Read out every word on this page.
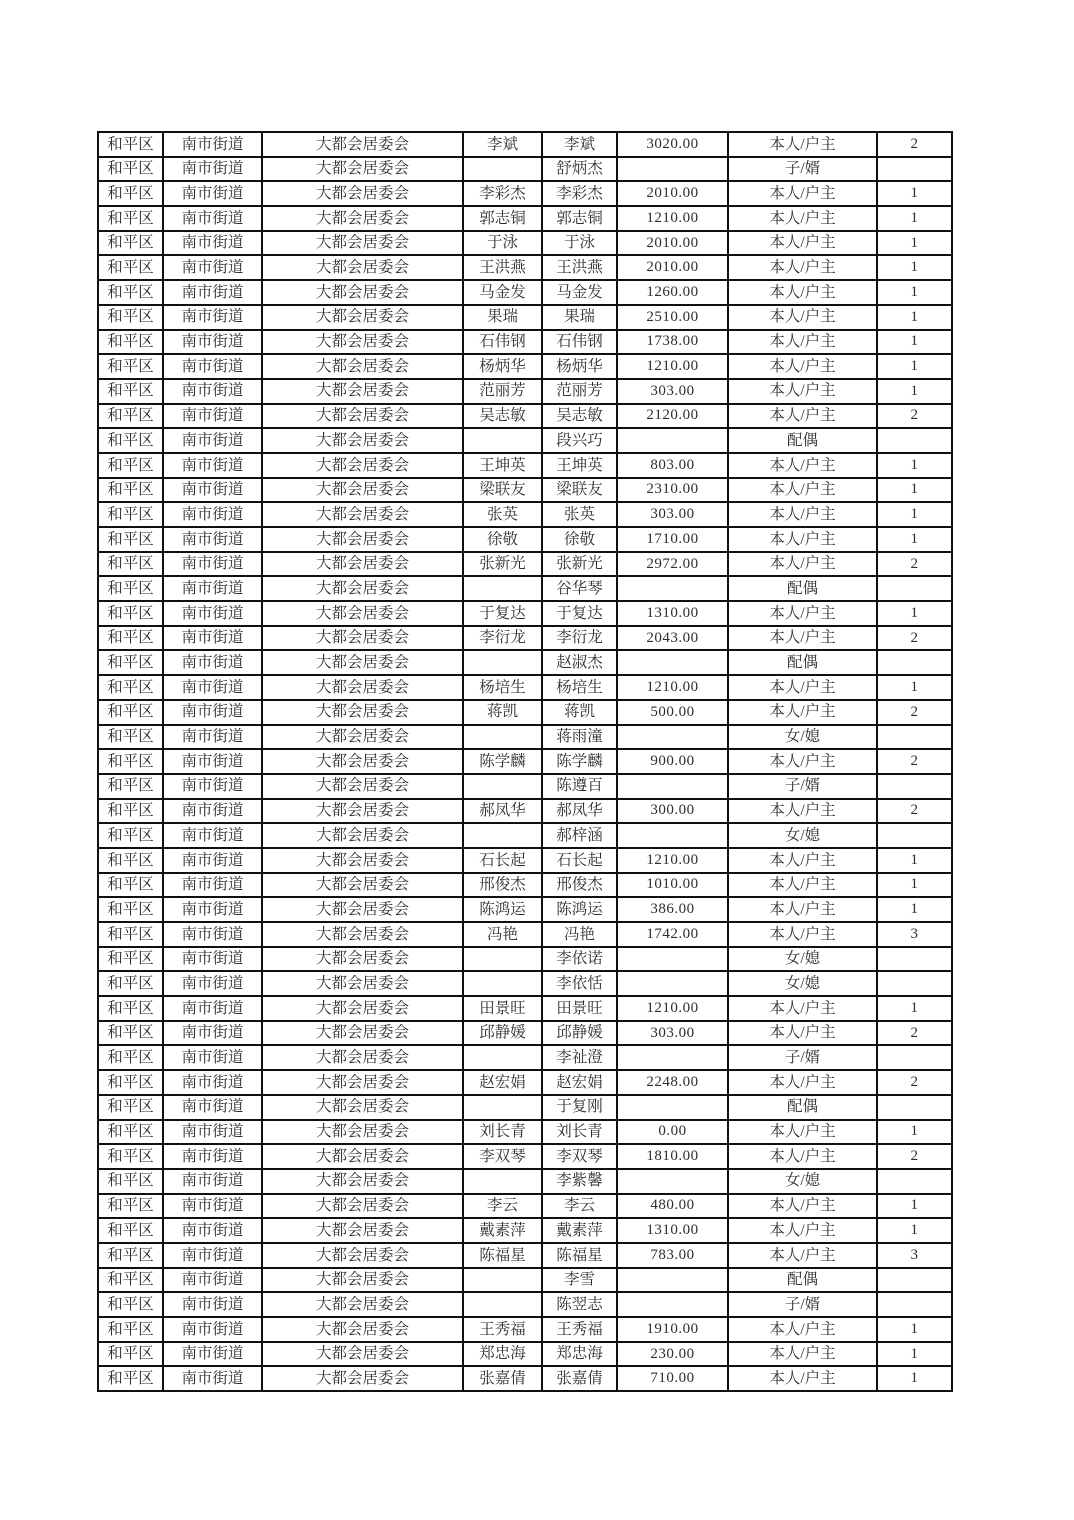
和平区	南市街道	大都会居委会	李斌	李斌	3020.00	本人/户主	2
和平区	南市街道	大都会居委会		舒炳杰		子/婿	
和平区	南市街道	大都会居委会	李彩杰	李彩杰	2010.00	本人/户主	1
和平区	南市街道	大都会居委会	郭志铜	郭志铜	1210.00	本人/户主	1
和平区	南市街道	大都会居委会	于泳	于泳	2010.00	本人/户主	1
和平区	南市街道	大都会居委会	王洪燕	王洪燕	2010.00	本人/户主	1
和平区	南市街道	大都会居委会	马金发	马金发	1260.00	本人/户主	1
和平区	南市街道	大都会居委会	果瑞	果瑞	2510.00	本人/户主	1
和平区	南市街道	大都会居委会	石伟钢	石伟钢	1738.00	本人/户主	1
和平区	南市街道	大都会居委会	杨炳华	杨炳华	1210.00	本人/户主	1
和平区	南市街道	大都会居委会	范丽芳	范丽芳	303.00	本人/户主	1
和平区	南市街道	大都会居委会	吴志敏	吴志敏	2120.00	本人/户主	2
和平区	南市街道	大都会居委会		段兴巧		配偶	
和平区	南市街道	大都会居委会	王坤英	王坤英	803.00	本人/户主	1
和平区	南市街道	大都会居委会	梁联友	梁联友	2310.00	本人/户主	1
和平区	南市街道	大都会居委会	张英	张英	303.00	本人/户主	1
和平区	南市街道	大都会居委会	徐敬	徐敬	1710.00	本人/户主	1
和平区	南市街道	大都会居委会	张新光	张新光	2972.00	本人/户主	2
和平区	南市街道	大都会居委会		谷华琴		配偶	
和平区	南市街道	大都会居委会	于复达	于复达	1310.00	本人/户主	1
和平区	南市街道	大都会居委会	李衍龙	李衍龙	2043.00	本人/户主	2
和平区	南市街道	大都会居委会		赵淑杰		配偶	
和平区	南市街道	大都会居委会	杨培生	杨培生	1210.00	本人/户主	1
和平区	南市街道	大都会居委会	蒋凯	蒋凯	500.00	本人/户主	2
和平区	南市街道	大都会居委会		蒋雨潼		女/媳	
和平区	南市街道	大都会居委会	陈学麟	陈学麟	900.00	本人/户主	2
和平区	南市街道	大都会居委会		陈遵百		子/婿	
和平区	南市街道	大都会居委会	郝凤华	郝凤华	300.00	本人/户主	2
和平区	南市街道	大都会居委会		郝梓涵		女/媳	
和平区	南市街道	大都会居委会	石长起	石长起	1210.00	本人/户主	1
和平区	南市街道	大都会居委会	邢俊杰	邢俊杰	1010.00	本人/户主	1
和平区	南市街道	大都会居委会	陈鸿运	陈鸿运	386.00	本人/户主	1
和平区	南市街道	大都会居委会	冯艳	冯艳	1742.00	本人/户主	3
和平区	南市街道	大都会居委会		李依诺		女/媳	
和平区	南市街道	大都会居委会		李依恬		女/媳	
和平区	南市街道	大都会居委会	田景旺	田景旺	1210.00	本人/户主	1
和平区	南市街道	大都会居委会	邱静媛	邱静媛	303.00	本人/户主	2
和平区	南市街道	大都会居委会		李祉澄		子/婿	
和平区	南市街道	大都会居委会	赵宏娟	赵宏娟	2248.00	本人/户主	2
和平区	南市街道	大都会居委会		于复刚		配偶	
和平区	南市街道	大都会居委会	刘长青	刘长青	0.00	本人/户主	1
和平区	南市街道	大都会居委会	李双琴	李双琴	1810.00	本人/户主	2
和平区	南市街道	大都会居委会		李紫馨		女/媳	
和平区	南市街道	大都会居委会	李云	李云	480.00	本人/户主	1
和平区	南市街道	大都会居委会	戴素萍	戴素萍	1310.00	本人/户主	1
和平区	南市街道	大都会居委会	陈福星	陈福星	783.00	本人/户主	3
和平区	南市街道	大都会居委会		李雪		配偶	
和平区	南市街道	大都会居委会		陈翌志		子/婿	
和平区	南市街道	大都会居委会	王秀福	王秀福	1910.00	本人/户主	1
和平区	南市街道	大都会居委会	郑忠海	郑忠海	230.00	本人/户主	1
和平区	南市街道	大都会居委会	张嘉倩	张嘉倩	710.00	本人/户主	1
